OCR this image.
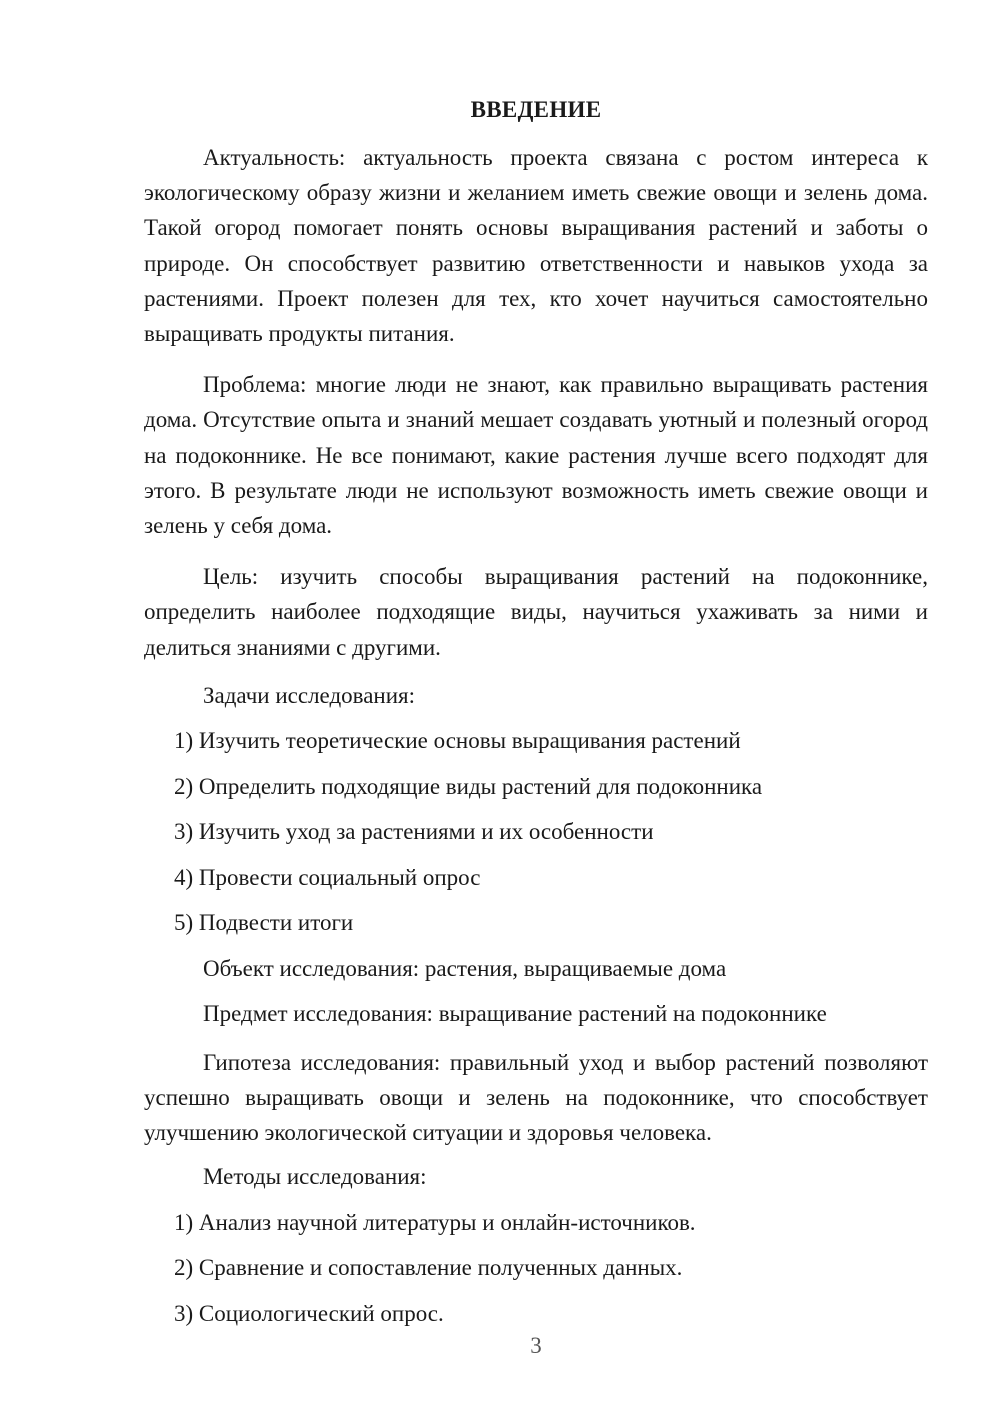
ВВЕДЕНИЕ

Актуальность: актуальность проекта связана с ростом интереса к экологическому образу жизни и желанием иметь свежие овощи и зелень дома. Такой огород помогает понять основы выращивания растений и заботы о природе. Он способствует развитию ответственности и навыков ухода за растениями. Проект полезен для тех, кто хочет научиться самостоятельно выращивать продукты питания.

Проблема: многие люди не знают, как правильно выращивать растения дома. Отсутствие опыта и знаний мешает создавать уютный и полезный огород на подоконнике. Не все понимают, какие растения лучше всего подходят для этого. В результате люди не используют возможность иметь свежие овощи и зелень у себя дома.

Цель: изучить способы выращивания растений на подоконнике, определить наиболее подходящие виды, научиться ухаживать за ними и делиться знаниями с другими.

Задачи исследования:
1) Изучить теоретические основы выращивания растений
2) Определить подходящие виды растений для подоконника
3) Изучить уход за растениями и их особенности
4) Провести социальный опрос
5) Подвести итоги
Объект исследования: растения, выращиваемые дома
Предмет исследования: выращивание растений на подоконнике

Гипотеза исследования: правильный уход и выбор растений позволяют успешно выращивать овощи и зелень на подоконнике, что способствует улучшению экологической ситуации и здоровья человека.

Методы исследования:
1) Анализ научной литературы и онлайн-источников.
2) Сравнение и сопоставление полученных данных.
3) Социологический опрос.
3
